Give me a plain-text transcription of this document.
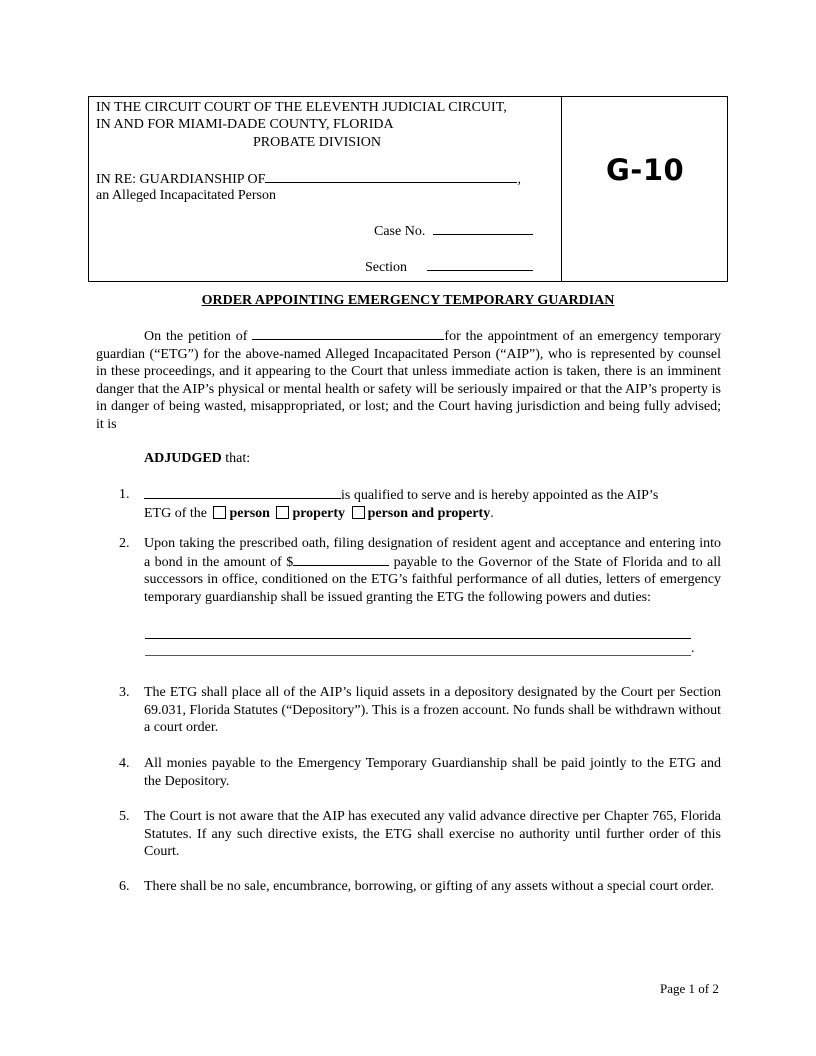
IN THE CIRCUIT COURT OF THE ELEVENTH JUDICIAL CIRCUIT,
IN AND FOR MIAMI-DADE COUNTY, FLORIDA
PROBATE DIVISION
IN RE: GUARDIANSHIP OF	,
an Alleged Incapacitated Person
Case No.
Section
G-10
ORDER APPOINTING EMERGENCY TEMPORARY GUARDIAN
On the petition of	for the appointment of an emergency temporary guardian (“ETG”) for the above-named Alleged Incapacitated Person (“AIP”), who is represented by counsel in these proceedings, and it appearing to the Court that unless immediate action is taken, there is an imminent danger that the AIP’s physical or mental health or safety will be seriously impaired or that the AIP’s property is in danger of being wasted, misappropriated, or lost; and the Court having jurisdiction and being fully advised; it is
ADJUDGED that:
1.	is qualified to serve and is hereby appointed as the AIP’s
ETG of the person property person and property.
2. Upon taking the prescribed oath, filing designation of resident agent and acceptance and entering into a bond in the amount of $	payable to the Governor of the State of Florida and to all successors in office, conditioned on the ETG’s faithful performance of all duties, letters of emergency temporary guardianship shall be issued granting the ETG the following powers and duties:
.
3. The ETG shall place all of the AIP’s liquid assets in a depository designated by the Court per Section 69.031, Florida Statutes (“Depository”). This is a frozen account. No funds shall be withdrawn without a court order.
4. All monies payable to the Emergency Temporary Guardianship shall be paid jointly to the ETG and the Depository.
5. The Court is not aware that the AIP has executed any valid advance directive per Chapter 765, Florida Statutes. If any such directive exists, the ETG shall exercise no authority until further order of this Court.
6. There shall be no sale, encumbrance, borrowing, or gifting of any assets without a special court order.
Page 1 of 2
